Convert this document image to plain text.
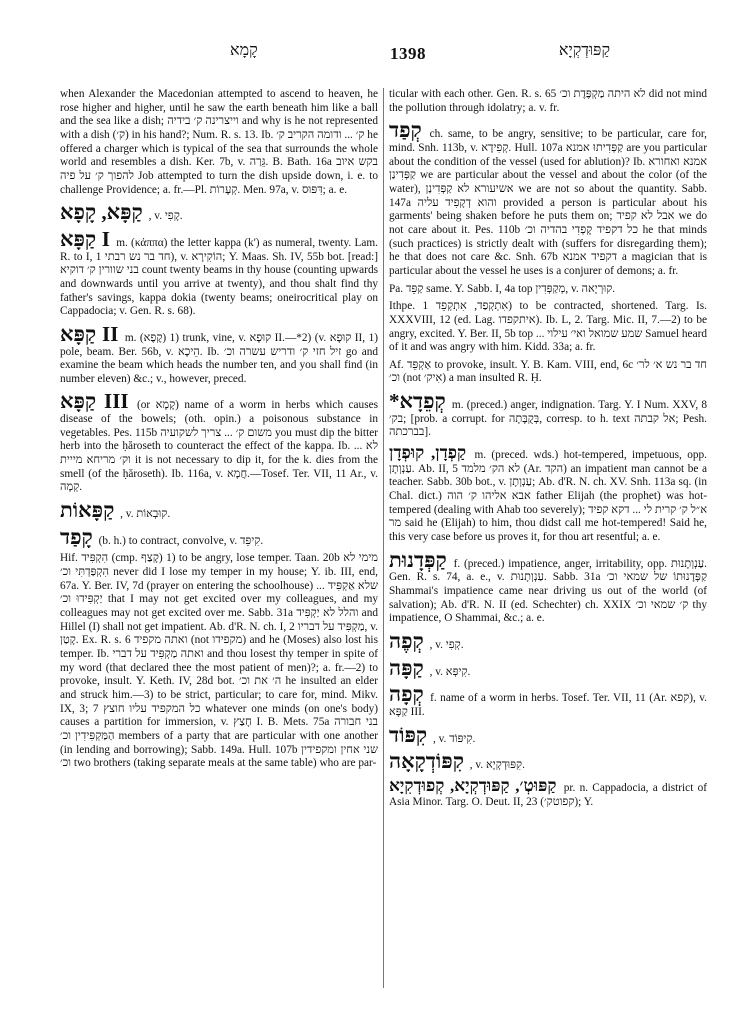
קָמָא	1398	קַפּוּדְקְיָא

when Alexander the Macedonian attempted to ascend to heaven, he rose higher and higher, until he saw the earth beneath him like a ball and the sea like a dish; וייצרינה ק׳ בידיה and why is he not represented with a dish (ק׳) in his hand?; Num. R. s. 13. Ib. ק׳ ... ודומה הקריב ק׳ he offered a charger which is typical of the sea that surrounds the whole world and resembles a dish. Ker. 7b, v. גֵּרַה. B. Bath. 16a בקש איוב להפוך ק׳ על פיה Job attempted to turn the dish upside down, i. e. to challenge Providence; a. fr.—Pl. קְעָרוֹת. Men. 97a, v. דִּפּוּס; a. e.

קַפָּא, קָפָא , v. קָפִי.

קַפָּא I m. (κάππα) the letter kappa (k') as numeral, twenty. Lam. R. to I, 1 חד בר נש רבתי), v. הוֹקִירָא; Y. Maas. Sh. IV, 55b bot. [read:] בני שוורין ק׳ דוקיא count twenty beams in thy house (counting upwards and downwards until you arrive at twenty), and thou shalt find thy father's savings, kappa dokia (twenty beams; oneirocritical play on Cappadocia; v. Gen. R. s. 68).

קַפָּא II m. (קֶפֶא) 1) trunk, vine, v. קוּפָא II.—*2) (v. קוּפָא II, 1) pole, beam. Ber. 56b, v. הֵיכָא. Ib. זיל חזי ק׳ ודריש עשרה וכ׳ go and examine the beam which heads the number ten, and you shall find (in number eleven) &c.; v., however, preced.

קַפָּא III (or קָמָא) name of a worm in herbs which causes disease of the bowels; (oth. opin.) a poisonous substance in vegetables. Pes. 115b משום ק׳ ... צריך לשקועיה you must dip the bitter herb into the ḥăroseth to counteract the effect of the kappa. Ib. לא ... וק׳ מריחא מייית it is not necessary to dip it, for the k. dies from the smell (of the ḥăroseth). Ib. 116a, v. חֲמָא.—Tosef. Ter. VII, 11 Ar., v. קְמָה.

קַפָּאוֹת , v. קוּבְאוֹת.

קָפַד (b. h.) to contract, convolve, v. קִיפֵּד.

Hif. הִקְפִּיד (cmp. קָצַף) 1) to be angry, lose temper. Taan. 20b מימי לא הִקְפַּדְתִּי וכ׳ never did I lose my temper in my house; Y. ib. III, end, 67a. Y. Ber. IV, 7d (prayer on entering the schoolhouse) שלא אַקְפִּיד ... יַקְפִּידוּ וכ׳ that I may not get excited over my colleagues, and my colleagues may not get excited over me. Sabb. 31a והלל לא יַקְפִּיד and Hillel (I) shall not get impatient. Ab. d'R. N. ch. I, 2 מַקְפִּיד על דבריו, v. קָטַן. Ex. R. s. 6 ואתה מקפיד (not מקפידו) and he (Moses) also lost his temper. Ib. ואתה מַקְפִּיד על דברי and thou losest thy temper in spite of my word (that declared thee the most patient of men)?; a. fr.—2) to provoke, insult. Y. Keth. IV, 28d bot. ה׳ את וכ׳ he insulted an elder and struck him.—3) to be strict, particular; to care for, mind. Mikv. IX, 3; 7 כל המקפיד עליו חוצץ whatever one minds (on one's body) causes a partition for immersion, v. חָצַץ I. B. Mets. 75a בני חבורה הַמַּקְפִּידִין וכ׳ members of a party that are particular with one another (in lending and borrowing); Sabb. 149a. Hull. 107b שני אחין ומקפידין וכ׳ two brothers (taking separate meals at the same table) who are par-

ticular with each other. Gen. R. s. 65 לא היתה מַקְפֶּדֶת וכ׳ did not mind the pollution through idolatry; a. v. fr.

קְפַד ch. same, to be angry, sensitive; to be particular, care for, mind. Snh. 113b, v. קְפִידָא. Hull. 107a קַפְּדִיתוּ אמנא are you particular about the condition of the vessel (used for ablution)? Ib. אמנא ואחורא קַפְּדִינַן we are particular about the vessel and about the color (of the water), אשיעורא לא קַפְּדִינַן we are not so about the quantity. Sabb. 147a והוא דְקָפִיד עליה provided a person is particular about his garments' being shaken before he puts them on; אבל לא קפיד we do not care about it. Pes. 110b כל דקפיד קָפְדִי בהדיה וכ׳ he that minds (such practices) is strictly dealt with (suffers for disregarding them); he that does not care &c. Snh. 67b דקפיד אמנא a magician that is particular about the vessel he uses is a conjurer of demons; a. fr.

Pa. קַפֵּד same. Y. Sabb. I, 4a top מְקַפְּדִין, v. קוּרְיָאה.

Ithpe. אִתְקְפַד, אִתְקְפֵד 1) to be contracted, shortened. Targ. Is. XXXVIII, 12 (ed. Lag. איתקפדו). Ib. L, 2. Targ. Mic. II, 7.—2) to be angry, excited. Y. Ber. II, 5b top ... שמע שמואל ואי׳ עילוי Samuel heard of it and was angry with him. Kidd. 33a; a. fr.

Af. אַקְפֵּד to provoke, insult. Y. B. Kam. VIII, end, 6c חד בר נש א׳ לר׳ וכ׳ (not אִיק׳) a man insulted R. Ḥ.

*קְפֵדָא m. (preced.) anger, indignation. Targ. Y. I Num. XXV, 8 בק׳; [prob. a corrupt. for בְּקֻבָּתָה, corresp. to h. text אל קבתה; Pesh. בברכתה].

קַפְדָן, קוּפְדָן m. (preced. wds.) hot-tempered, impetuous, opp. עַנְוְתָן. Ab. II, 5 לא הק׳ מלמד (Ar. הקד) an impatient man cannot be a teacher. Sabb. 30b bot., v. עַנְוְתָן; Ab. d'R. N. ch. XV. Snh. 113a sq. (in Chal. dict.) אבא אליהו ק׳ הוה father Elijah (the prophet) was hot-tempered (dealing with Ahab too severely); א״ל ק׳ קרית לי ... דקא קפיד מר said he (Elijah) to him, thou didst call me hot-tempered! Said he, this very case before us proves it, for thou art resentful; a. e.

קַפְּדָנוּת f. (preced.) impatience, anger, irritability, opp. עַנְוְתָנוּת. Gen. R. s. 74, a. e., v. עַנְוְתָנוּת. Sabb. 31a קַפְּדָנוּתוֹ של שמאי וכ׳ Shammai's impatience came near driving us out of the world (of salvation); Ab. d'R. N. II (ed. Schechter) ch. XXIX ק׳ שמאי וכ׳ thy impatience, O Shammai, &c.; a. e.

קְפֶה , v. קְפִי.

קַפָּה , v. קִיפְּא.

קְפָה f. name of a worm in herbs. Tosef. Ter. VII, 11 (Ar. קפא), v. קַפָּא III.

קִפּוֹד , v. קִיפּוֹד.

קִפּוֹדְקָאָה , v. קִפּוּדְקְיָא.

קַפּוּטְ׳, קַפּוּדְקְיָא, קְפוּדְקִיָא pr. n. Cappadocia, a district of Asia Minor. Targ. O. Deut. II, 23 (קפוטק׳); Y.
